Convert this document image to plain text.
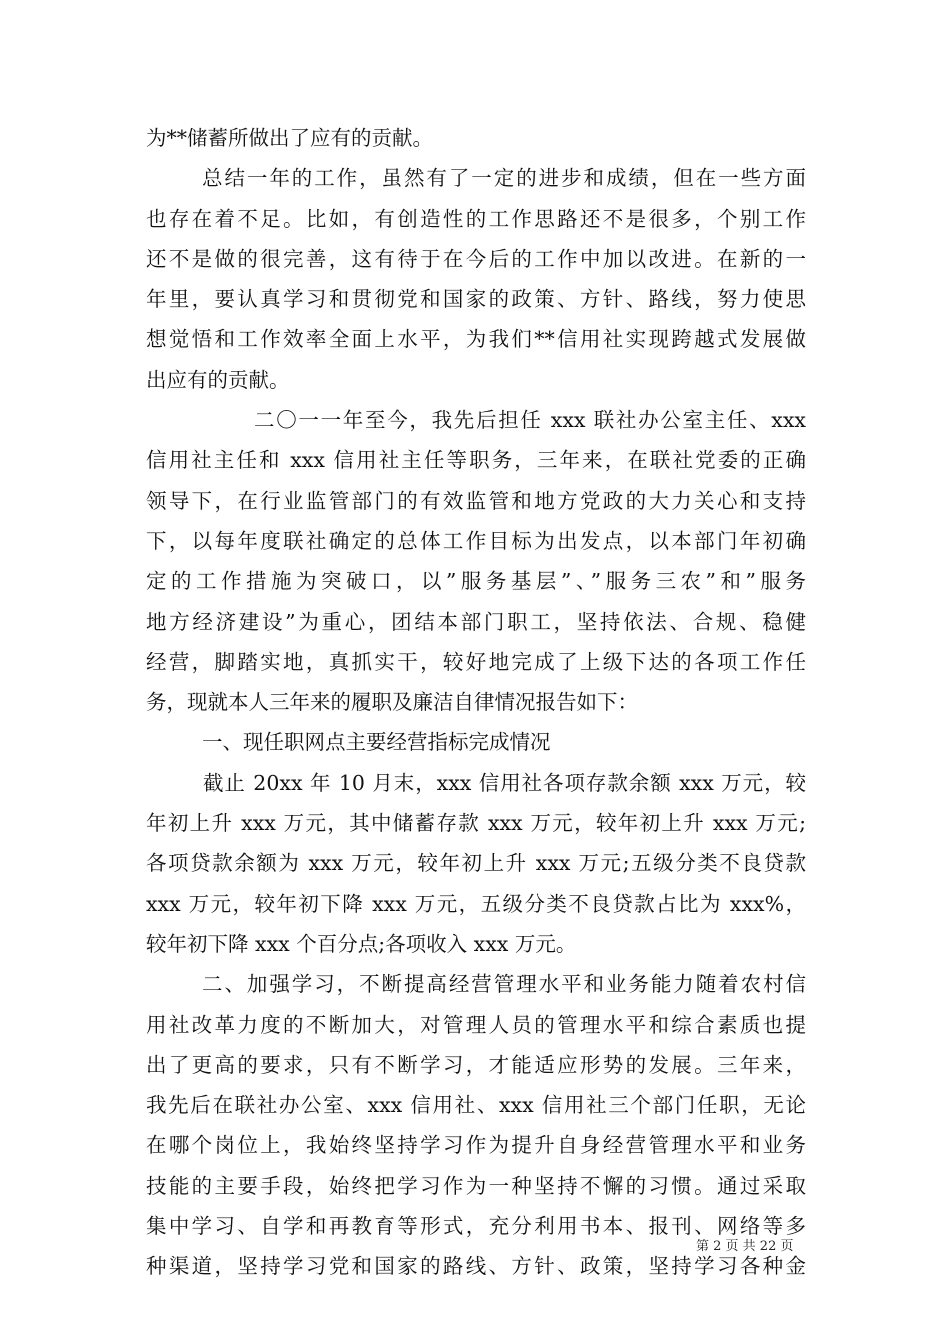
为**储蓄所做出了应有的贡献。
总结一年的工作，虽然有了一定的进步和成绩，但在一些方面
也存在着不足。比如，有创造性的工作思路还不是很多，个别工作
还不是做的很完善，这有待于在今后的工作中加以改进。在新的一
年里，要认真学习和贯彻党和国家的政策、方针、路线，努力使思
想觉悟和工作效率全面上水平，为我们**信用社实现跨越式发展做
出应有的贡献。
二〇一一年至今，我先后担任 xxx 联社办公室主任、xxx
信用社主任和 xxx 信用社主任等职务，三年来，在联社党委的正确
领导下，在行业监管部门的有效监管和地方党政的大力关心和支持
下，以每年度联社确定的总体工作目标为出发点，以本部门年初确
定的工作措施为突破口，以”服务基层”、”服务三农”和”服务
地方经济建设”为重心，团结本部门职工，坚持依法、合规、稳健
经营，脚踏实地，真抓实干，较好地完成了上级下达的各项工作任
务，现就本人三年来的履职及廉洁自律情况报告如下：
一、现任职网点主要经营指标完成情况
截止 20xx 年 10 月末，xxx 信用社各项存款余额 xxx 万元，较
年初上升 xxx 万元，其中储蓄存款 xxx 万元，较年初上升 xxx 万元;
各项贷款余额为 xxx 万元，较年初上升 xxx 万元;五级分类不良贷款
xxx 万元，较年初下降 xxx 万元，五级分类不良贷款占比为 xxx%，
较年初下降 xxx 个百分点;各项收入 xxx 万元。
二、加强学习，不断提高经营管理水平和业务能力随着农村信
用社改革力度的不断加大，对管理人员的管理水平和综合素质也提
出了更高的要求，只有不断学习，才能适应形势的发展。三年来，
我先后在联社办公室、xxx 信用社、xxx 信用社三个部门任职，无论
在哪个岗位上，我始终坚持学习作为提升自身经营管理水平和业务
技能的主要手段，始终把学习作为一种坚持不懈的习惯。通过采取
集中学习、自学和再教育等形式，充分利用书本、报刊、网络等多
种渠道，坚持学习党和国家的路线、方针、政策，坚持学习各种金
第 2 页 共 22 页
